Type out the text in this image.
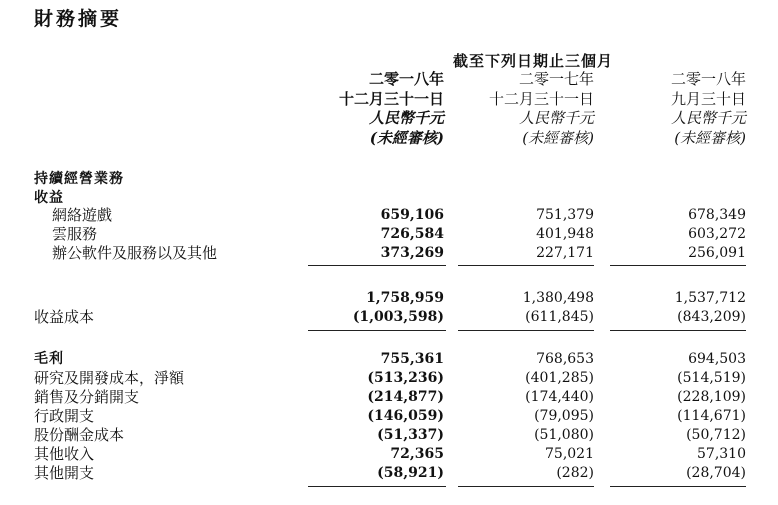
財務摘要
截至下列日期止三個月
二零一八年
十二月三十一日
人民幣千元
(未經審核)
二零一七年
十二月三十一日
人民幣千元
(未經審核)
二零一八年
九月三十日
人民幣千元
(未經審核)
持續經營業務
收益
網絡遊戲	659,106	751,379	678,349
雲服務	726,584	401,948	603,272
辦公軟件及服務以及其他	373,269	227,171	256,091
1,758,959	1,380,498	1,537,712
收益成本	(1,003,598)	(611,845)	(843,209)
毛利	755,361	768,653	694,503
研究及開發成本，淨額	(513,236)	(401,285)	(514,519)
銷售及分銷開支	(214,877)	(174,440)	(228,109)
行政開支	(146,059)	(79,095)	(114,671)
股份酬金成本	(51,337)	(51,080)	(50,712)
其他收入	72,365	75,021	57,310
其他開支	(58,921)	(282)	(28,704)
